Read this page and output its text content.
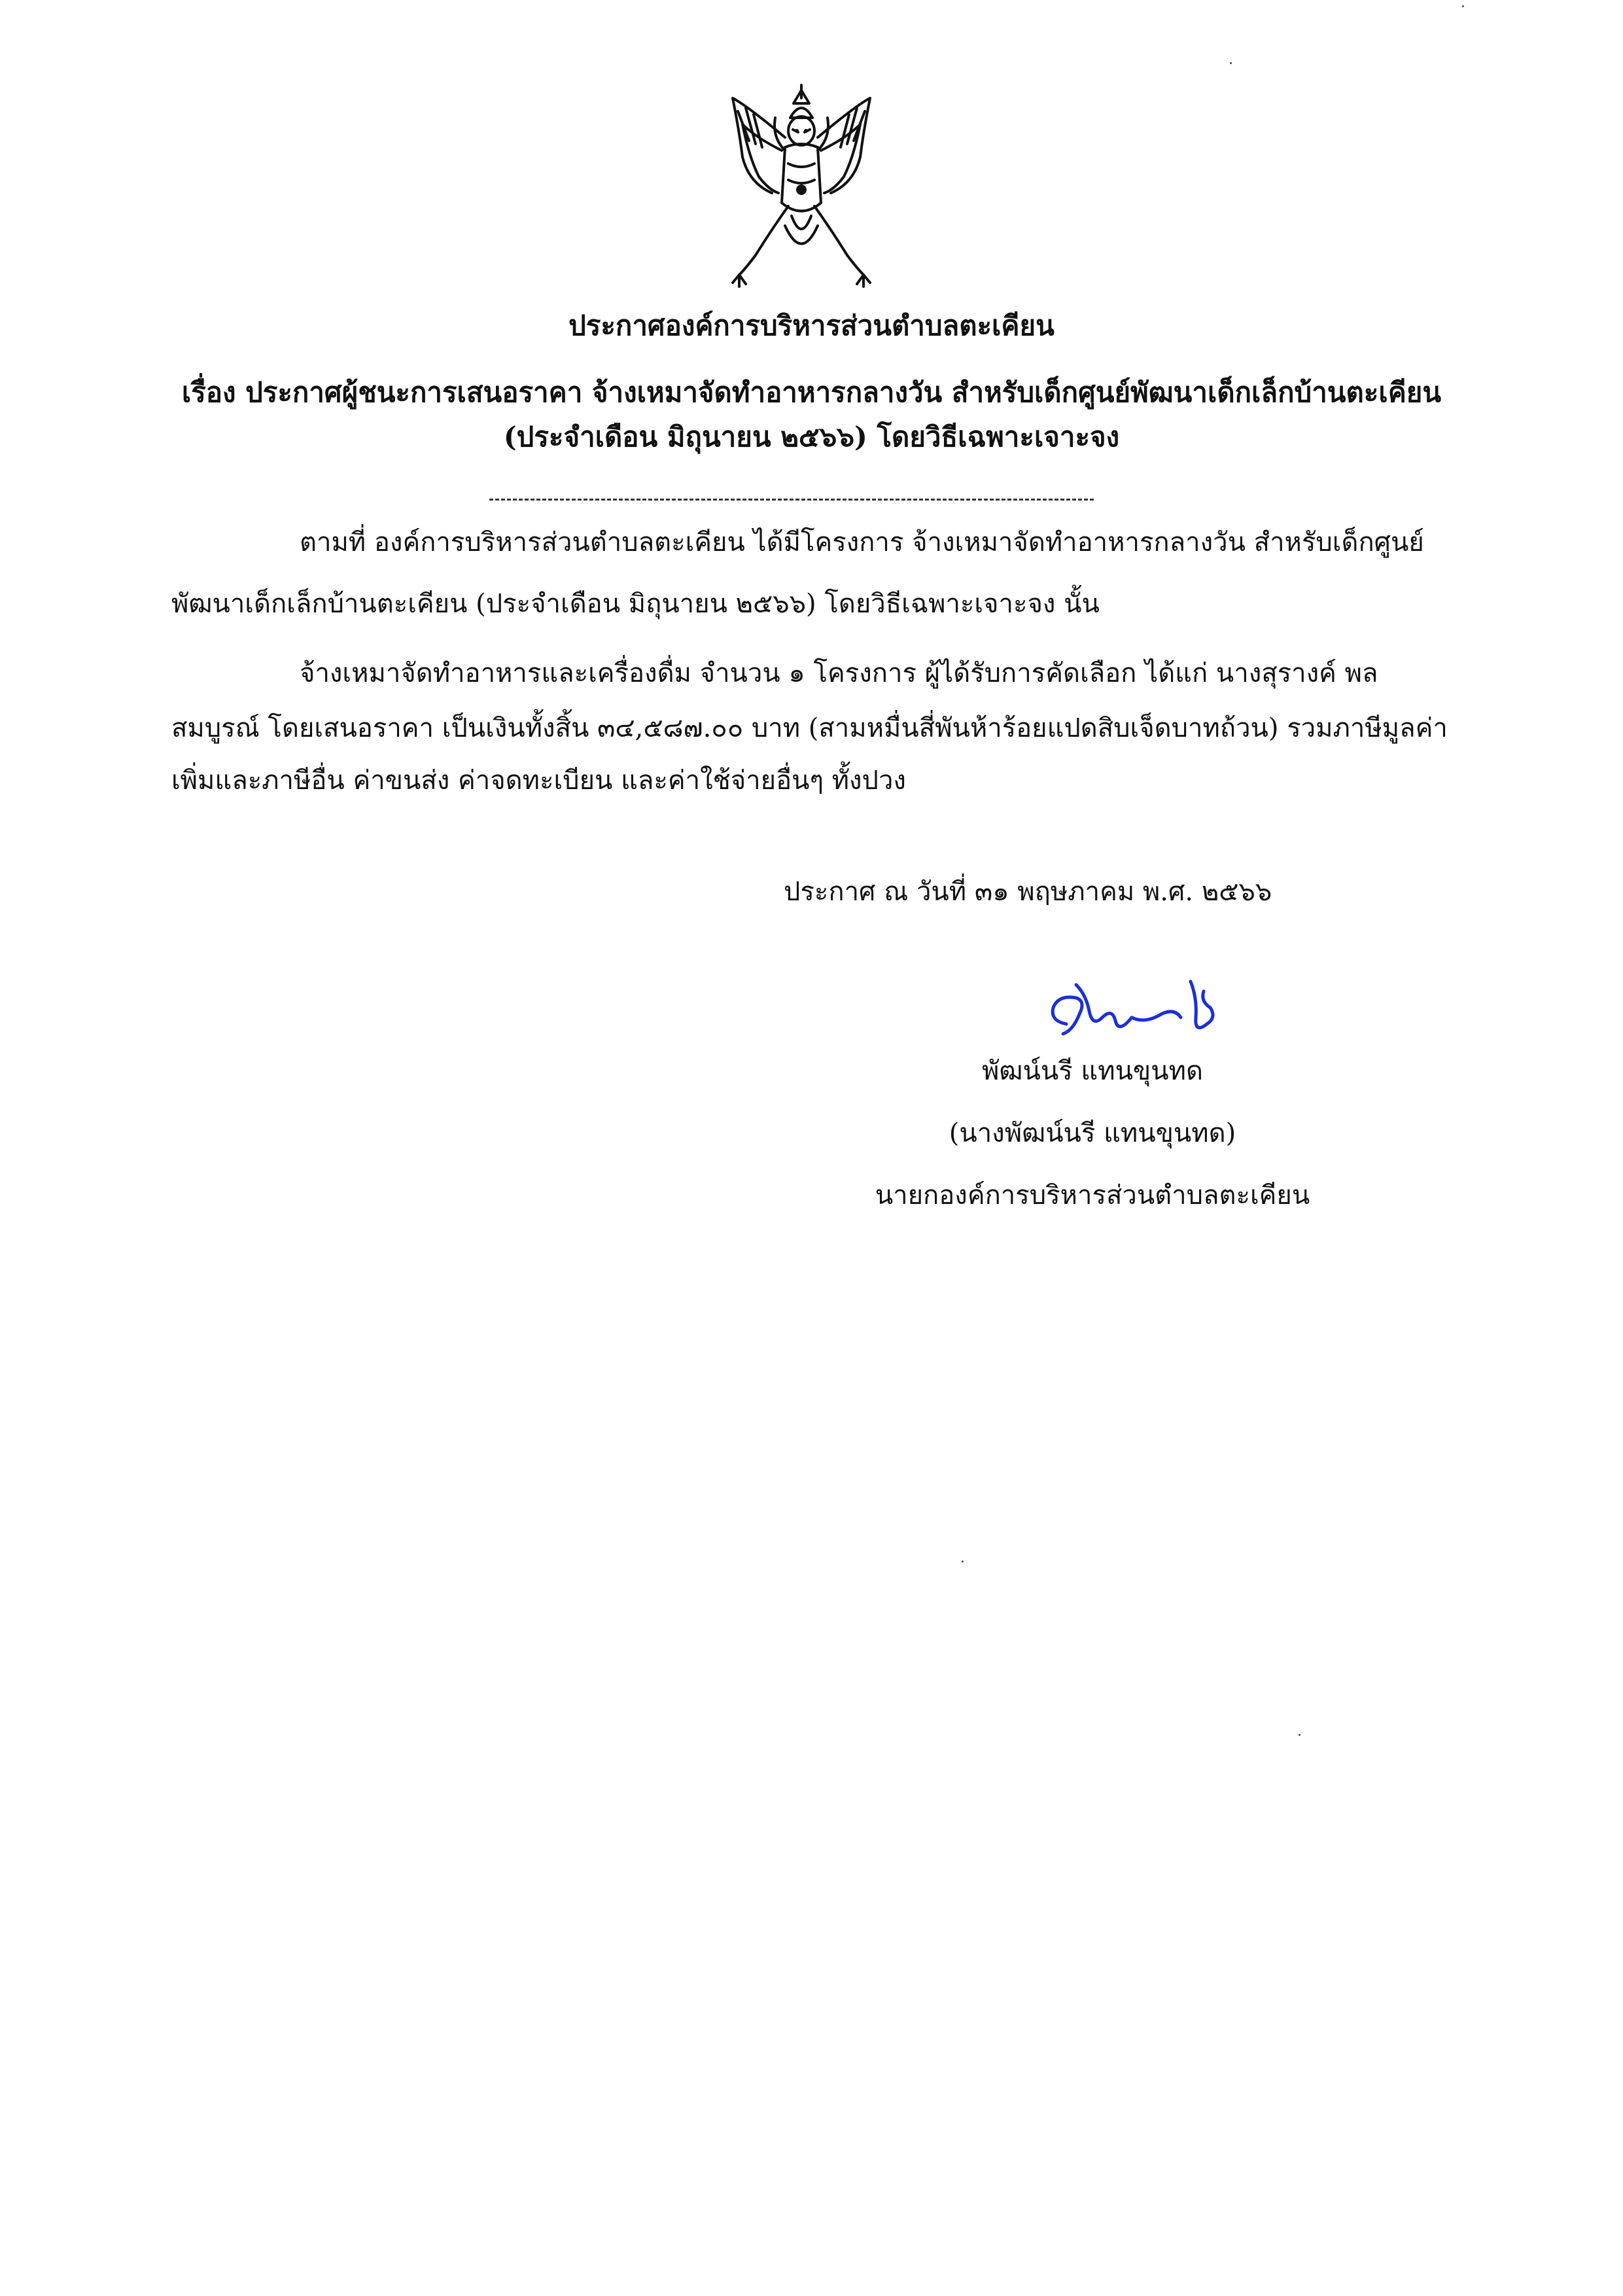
ประกาศองค์การบริหารส่วนตำบลตะเคียน
เรื่อง ประกาศผู้ชนะการเสนอราคา จ้างเหมาจัดทำอาหารกลางวัน สำหรับเด็กศูนย์พัฒนาเด็กเล็กบ้านตะเคียน
(ประจำเดือน มิถุนายน ๒๕๖๖) โดยวิธีเฉพาะเจาะจง
ตามที่ องค์การบริหารส่วนตำบลตะเคียน ได้มีโครงการ จ้างเหมาจัดทำอาหารกลางวัน สำหรับเด็กศูนย์
พัฒนาเด็กเล็กบ้านตะเคียน (ประจำเดือน มิถุนายน ๒๕๖๖) โดยวิธีเฉพาะเจาะจง นั้น
จ้างเหมาจัดทำอาหารและเครื่องดื่ม จำนวน ๑ โครงการ ผู้ได้รับการคัดเลือก ได้แก่ นางสุรางค์ พล
สมบูรณ์ โดยเสนอราคา เป็นเงินทั้งสิ้น ๓๔,๕๘๗.๐๐ บาท (สามหมื่นสี่พันห้าร้อยแปดสิบเจ็ดบาทถ้วน) รวมภาษีมูลค่า
เพิ่มและภาษีอื่น ค่าขนส่ง ค่าจดทะเบียน และค่าใช้จ่ายอื่นๆ ทั้งปวง
ประกาศ ณ วันที่ ๓๑ พฤษภาคม พ.ศ. ๒๕๖๖
พัฒน์นรี แทนขุนทด
(นางพัฒน์นรี แทนขุนทด)
นายกองค์การบริหารส่วนตำบลตะเคียน
